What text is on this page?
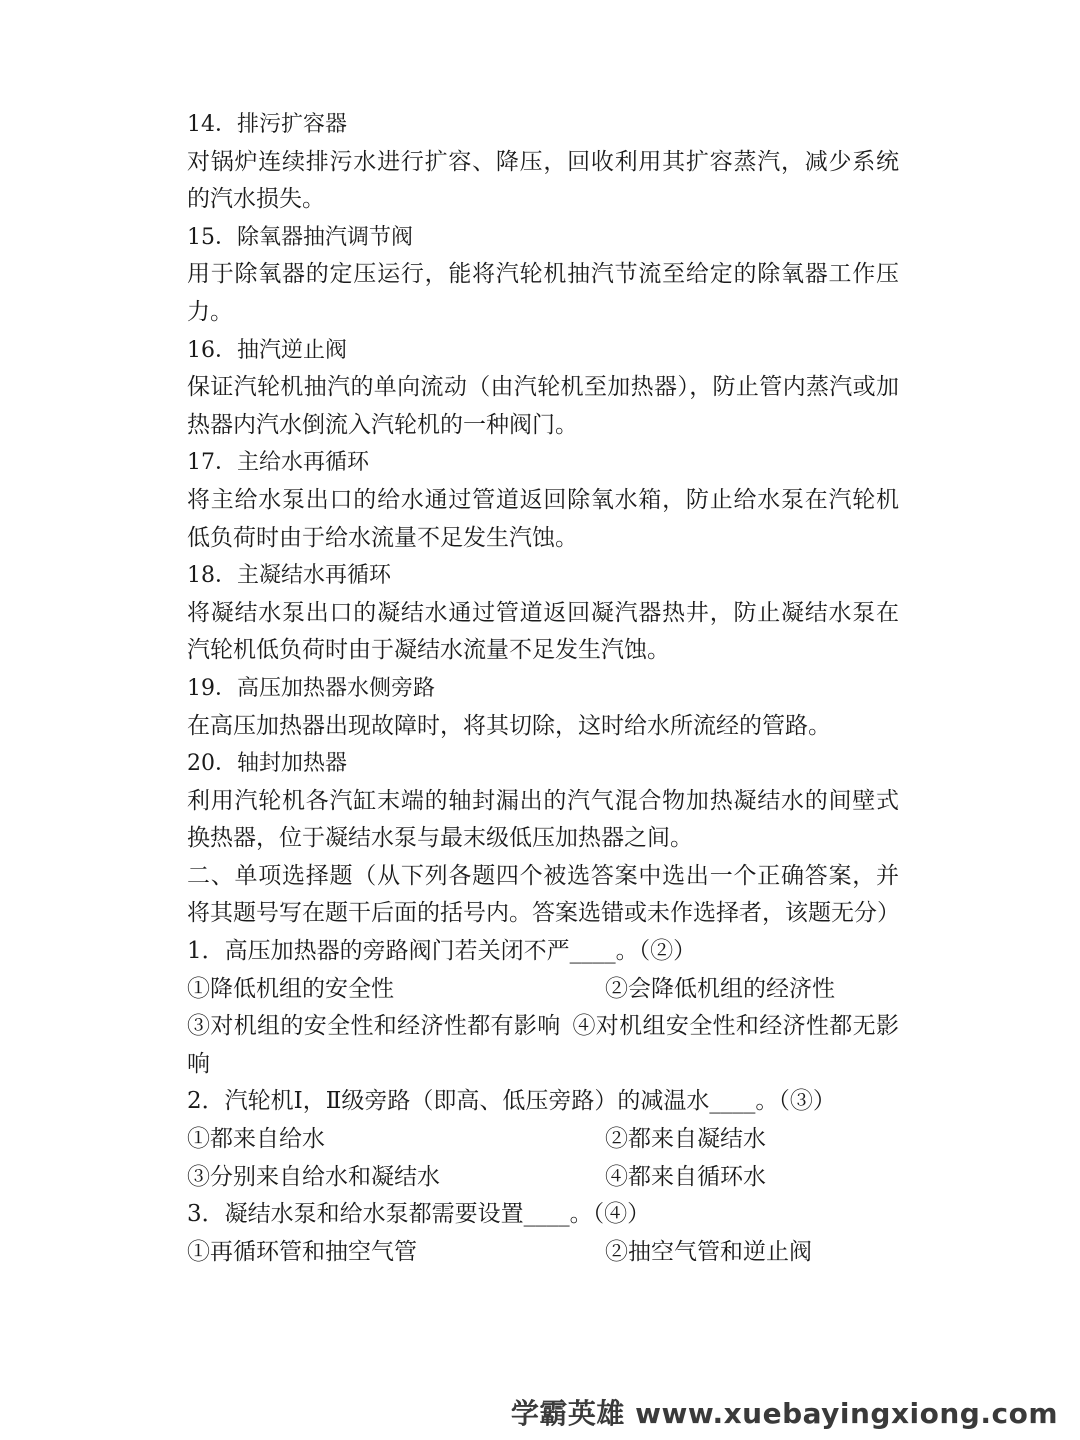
14．排污扩容器
对锅炉连续排污水进行扩容、降压，回收利用其扩容蒸汽，减少系统的汽水损失。
15．除氧器抽汽调节阀
用于除氧器的定压运行，能将汽轮机抽汽节流至给定的除氧器工作压力。
16．抽汽逆止阀
保证汽轮机抽汽的单向流动（由汽轮机至加热器），防止管内蒸汽或加热器内汽水倒流入汽轮机的一种阀门。
17．主给水再循环
将主给水泵出口的给水通过管道返回除氧水箱，防止给水泵在汽轮机低负荷时由于给水流量不足发生汽蚀。
18．主凝结水再循环
将凝结水泵出口的凝结水通过管道返回凝汽器热井，防止凝结水泵在汽轮机低负荷时由于凝结水流量不足发生汽蚀。
19．高压加热器水侧旁路
在高压加热器出现故障时，将其切除，这时给水所流经的管路。
20．轴封加热器
利用汽轮机各汽缸末端的轴封漏出的汽气混合物加热凝结水的间壁式换热器，位于凝结水泵与最末级低压加热器之间。
二、单项选择题（从下列各题四个被选答案中选出一个正确答案，并将其题号写在题干后面的括号内。答案选错或未作选择者，该题无分）
1．高压加热器的旁路阀门若关闭不严____。（②）
①降低机组的安全性	②会降低机组的经济性
③对机组的安全性和经济性都有影响  ④对机组安全性和经济性都无影响
2．汽轮机Ⅰ，Ⅱ级旁路（即高、低压旁路）的减温水____。（③）
①都来自给水	②都来自凝结水
③分别来自给水和凝结水	④都来自循环水
3．凝结水泵和给水泵都需要设置____。（④）
①再循环管和抽空气管	②抽空气管和逆止阀
学霸英雄 www.xuebayingxiong.com
